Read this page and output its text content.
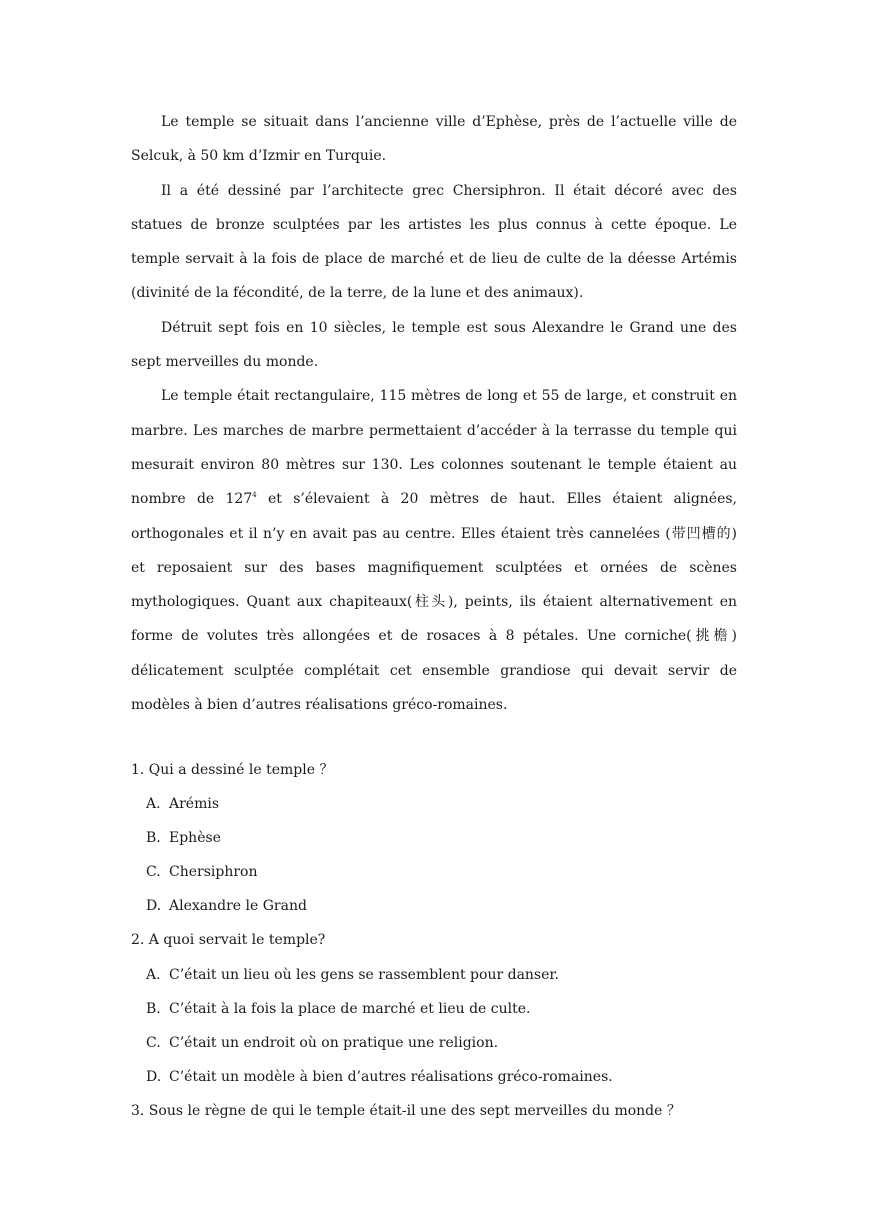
Le temple se situait dans l’ancienne ville d’Ephèse, près de l’actuelle ville de Selcuk, à 50 km d’Izmir en Turquie.

Il a été dessiné par l’architecte grec Chersiphron. Il était décoré avec des statues de bronze sculptées par les artistes les plus connus à cette époque. Le temple servait à la fois de place de marché et de lieu de culte de la déesse Artémis (divinité de la fécondité, de la terre, de la lune et des animaux).

Détruit sept fois en 10 siècles, le temple est sous Alexandre le Grand une des sept merveilles du monde.

Le temple était rectangulaire, 115 mètres de long et 55 de large, et construit en marbre. Les marches de marbre permettaient d’accéder à la terrasse du temple qui mesurait environ 80 mètres sur 130. Les colonnes soutenant le temple étaient au nombre de $127^4$ et s’élevaient à 20 mètres de haut. Elles étaient alignées, orthogonales et il n’y en avait pas au centre. Elles étaient très cannelées (带凹槽的) et reposaient sur des bases magnifiquement sculptées et ornées de scènes mythologiques. Quant aux chapiteaux(柱头), peints, ils étaient alternativement en forme de volutes très allongées et de rosaces à 8 pétales. Une corniche(挑檐) délicatement sculptée complétait cet ensemble grandiose qui devait servir de modèles à bien d’autres réalisations gréco-romaines.

1. Qui a dessiné le temple ？
A. Arémis
B. Ephèse
C. Chersiphron
D. Alexandre le Grand
2. A quoi servait le temple?
A. C’était un lieu où les gens se rassemblent pour danser.
B. C’était à la fois la place de marché et lieu de culte.
C. C’était un endroit où on pratique une religion.
D. C’était un modèle à bien d’autres réalisations gréco-romaines.
3. Sous le règne de qui le temple était-il une des sept merveilles du monde ？
